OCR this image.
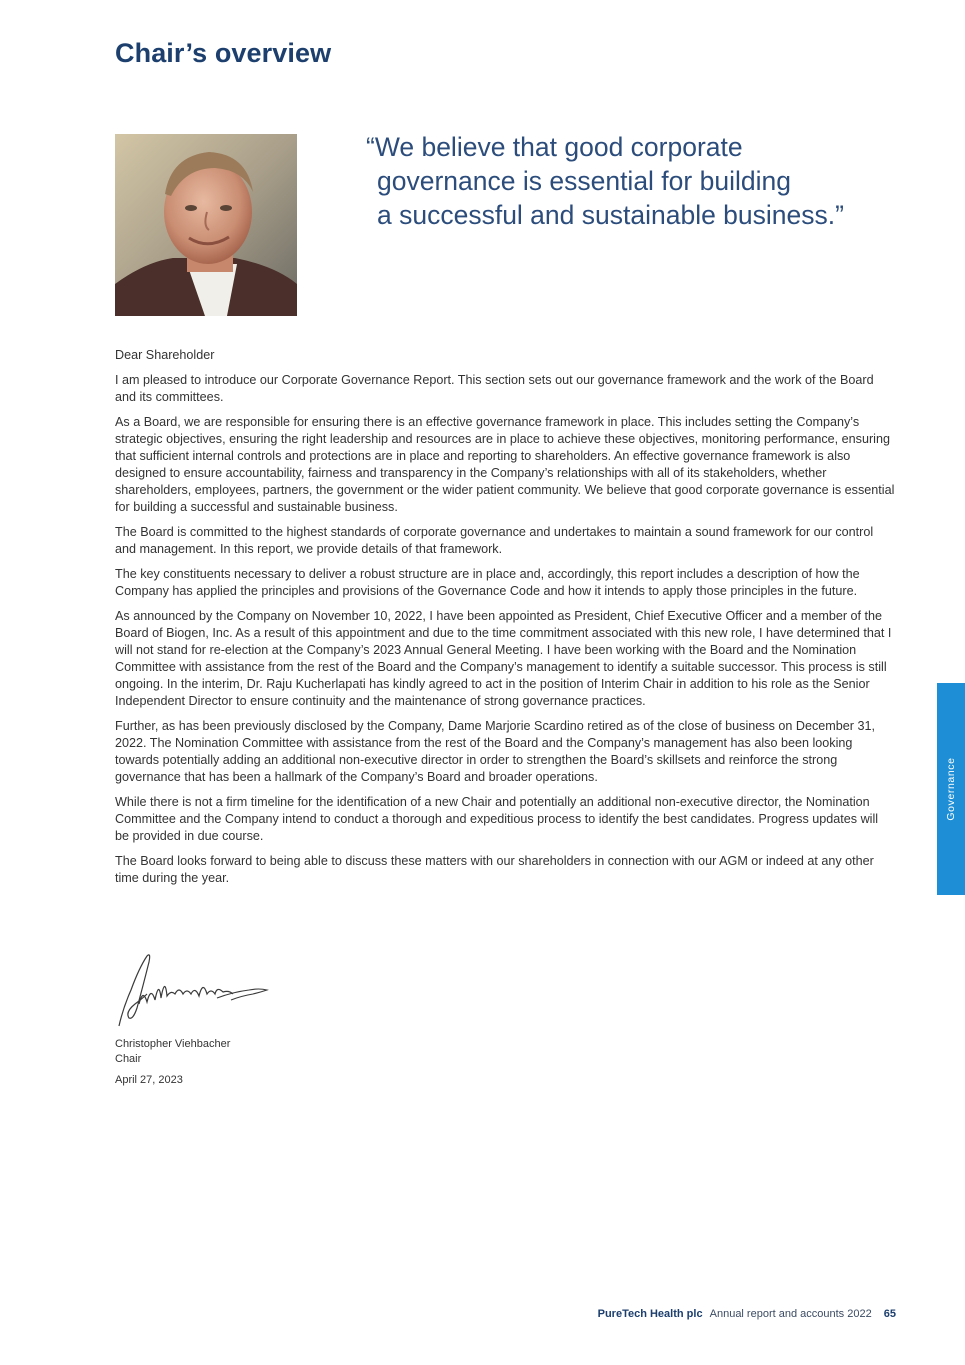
Chair’s overview
“We believe that good corporate
governance is essential for building
a successful and sustainable business.”

Dear Shareholder

I am pleased to introduce our Corporate Governance Report. This section sets out our governance framework and the work of the Board and its committees.

As a Board, we are responsible for ensuring there is an effective governance framework in place. This includes setting the Company’s strategic objectives, ensuring the right leadership and resources are in place to achieve these objectives, monitoring performance, ensuring that sufficient internal controls and protections are in place and reporting to shareholders. An effective governance framework is also designed to ensure accountability, fairness and transparency in the Company’s relationships with all of its stakeholders, whether shareholders, employees, partners, the government or the wider patient community. We believe that good corporate governance is essential for building a successful and sustainable business.

The Board is committed to the highest standards of corporate governance and undertakes to maintain a sound framework for our control and management. In this report, we provide details of that framework.

The key constituents necessary to deliver a robust structure are in place and, accordingly, this report includes a description of how the Company has applied the principles and provisions of the Governance Code and how it intends to apply those principles in the future.

As announced by the Company on November 10, 2022, I have been appointed as President, Chief Executive Officer and a member of the Board of Biogen, Inc. As a result of this appointment and due to the time commitment associated with this new role, I have determined that I will not stand for re-election at the Company’s 2023 Annual General Meeting. I have been working with the Board and the Nomination Committee with assistance from the rest of the Board and the Company’s management to identify a suitable successor. This process is still ongoing. In the interim, Dr. Raju Kucherlapati has kindly agreed to act in the position of Interim Chair in addition to his role as the Senior Independent Director to ensure continuity and the maintenance of strong governance practices.

Further, as has been previously disclosed by the Company, Dame Marjorie Scardino retired as of the close of business on December 31, 2022. The Nomination Committee with assistance from the rest of the Board and the Company’s management has also been looking towards potentially adding an additional non-executive director in order to strengthen the Board’s skillsets and reinforce the strong governance that has been a hallmark of the Company’s Board and broader operations.

While there is not a firm timeline for the identification of a new Chair and potentially an additional non-executive director, the Nomination Committee and the Company intend to conduct a thorough and expeditious process to identify the best candidates. Progress updates will be provided in due course.

The Board looks forward to being able to discuss these matters with our shareholders in connection with our AGM or indeed at any other time during the year.

Christopher Viehbacher
Chair
April 27, 2023
Governance
PureTech Health plc Annual report and accounts 2022 65
